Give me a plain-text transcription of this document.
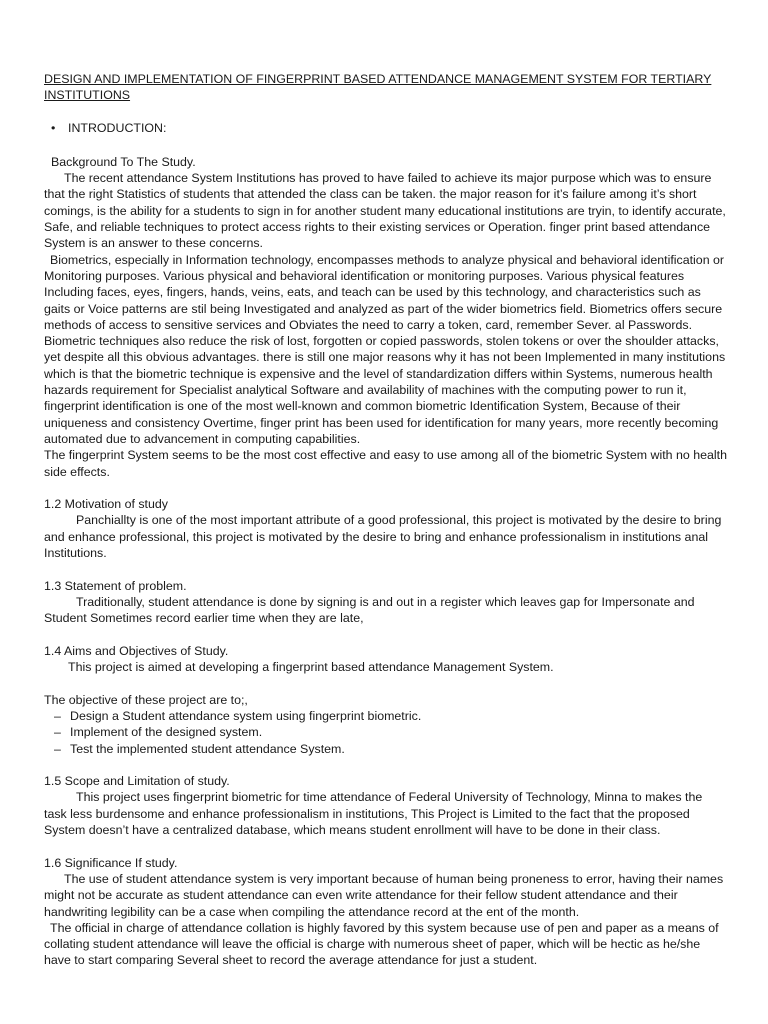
DESIGN AND IMPLEMENTATION OF FINGERPRINT BASED ATTENDANCE MANAGEMENT SYSTEM FOR TERTIARY INSTITUTIONS

•	INTRODUCTION:

Background To The Study.

The recent attendance System Institutions has proved to have failed to achieve its major purpose which was to ensure that the right Statistics of students that attended the class can be taken. the major reason for it’s failure among it’s short comings, is the ability for a students to sign in for another student many educational institutions are tryin, to identify accurate, Safe, and reliable techniques to protect access rights to their existing services or Operation. finger print based attendance System is an answer to these concerns.

Biometrics, especially in Information technology, encompasses methods to analyze physical and behavioral identification or Monitoring purposes. Various physical and behavioral identification or monitoring purposes. Various physical features Including faces, eyes, fingers, hands, veins, eats, and teach can be used by this technology, and characteristics such as gaits or Voice patterns are stil being Investigated and analyzed as part of the wider biometrics field. Biometrics offers secure methods of access to sensitive services and Obviates the need to carry a token, card, remember Sever. al Passwords. Biometric techniques also reduce the risk of lost, forgotten or copied passwords, stolen tokens or over the shoulder attacks, yet despite all this obvious advantages. there is still one major reasons why it has not been Implemented in many institutions which is that the biometric technique is expensive and the level of standardization differs within Systems, numerous health hazards requirement for Specialist analytical Software and availability of machines with the computing power to run it, fingerprint identification is one of the most well-known and common biometric Identification System, Because of their uniqueness and consistency Overtime, finger print has been used for identification for many years, more recently becoming automated due to advancement in computing capabilities.

The fingerprint System seems to be the most cost effective and easy to use among all of the biometric System with no health side effects.

1.2 Motivation of study

Panchiallty is one of the most important attribute of a good professional, this project is motivated by the desire to bring and enhance professional, this project is motivated by the desire to bring and enhance professionalism in institutions anal Institutions.

1.3 Statement of problem.

Traditionally, student attendance is done by signing is and out in a register which leaves gap for Impersonate and Student Sometimes record earlier time when they are late,

1.4 Aims and Objectives of Study.

This project is aimed at developing a fingerprint based attendance Management System.

The objective of these project are to;,

– Design a Student attendance system using fingerprint biometric.
– Implement of the designed system.
– Test the implemented student attendance System.

1.5 Scope and Limitation of study.

This project uses fingerprint biometric for time attendance of Federal University of Technology, Minna to makes the task less burdensome and enhance professionalism in institutions, This Project is Limited to the fact that the proposed System doesn’t have a centralized database, which means student enrollment will have to be done in their class.

1.6 Significance If study.

The use of student attendance system is very important because of human being proneness to error, having their names might not be accurate as student attendance can even write attendance for their fellow student attendance and their handwriting legibility can be a case when compiling the attendance record at the ent of the month.

The official in charge of attendance collation is highly favored by this system because use of pen and paper as a means of collating student attendance will leave the official is charge with numerous sheet of paper, which will be hectic as he/she have to start comparing Several sheet to record the average attendance for just a student.
